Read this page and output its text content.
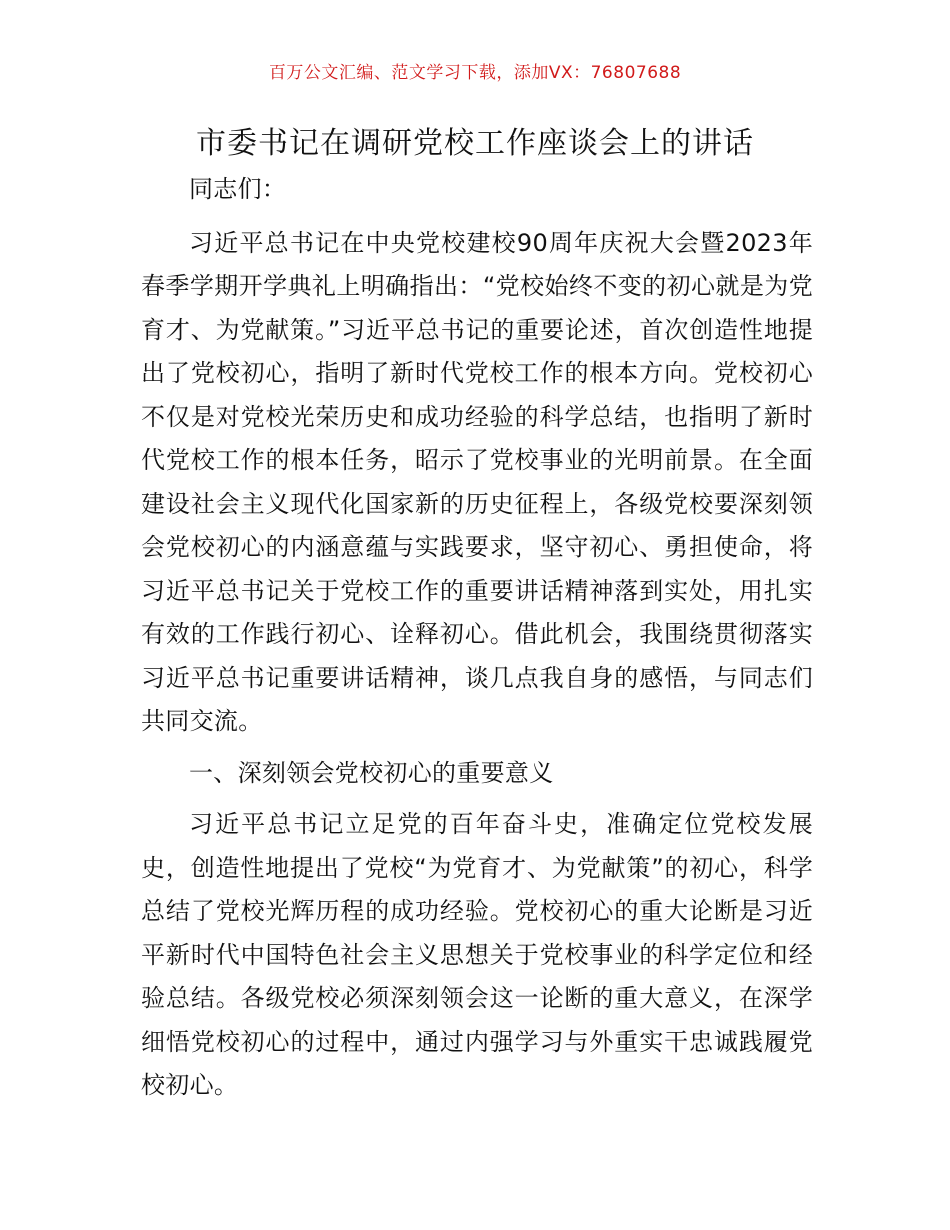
百万公文汇编、范文学习下载，添加VX：76807688
市委书记在调研党校工作座谈会上的讲话

同志们：

习近平总书记在中央党校建校90周年庆祝大会暨2023年春季学期开学典礼上明确指出：“党校始终不变的初心就是为党育才、为党献策。”习近平总书记的重要论述，首次创造性地提出了党校初心，指明了新时代党校工作的根本方向。党校初心不仅是对党校光荣历史和成功经验的科学总结，也指明了新时代党校工作的根本任务，昭示了党校事业的光明前景。在全面建设社会主义现代化国家新的历史征程上，各级党校要深刻领会党校初心的内涵意蕴与实践要求，坚守初心、勇担使命，将习近平总书记关于党校工作的重要讲话精神落到实处，用扎实有效的工作践行初心、诠释初心。借此机会，我围绕贯彻落实习近平总书记重要讲话精神，谈几点我自身的感悟，与同志们共同交流。

一、深刻领会党校初心的重要意义

习近平总书记立足党的百年奋斗史，准确定位党校发展史，创造性地提出了党校“为党育才、为党献策”的初心，科学总结了党校光辉历程的成功经验。党校初心的重大论断是习近平新时代中国特色社会主义思想关于党校事业的科学定位和经验总结。各级党校必须深刻领会这一论断的重大意义，在深学细悟党校初心的过程中，通过内强学习与外重实干忠诚践履党校初心。
